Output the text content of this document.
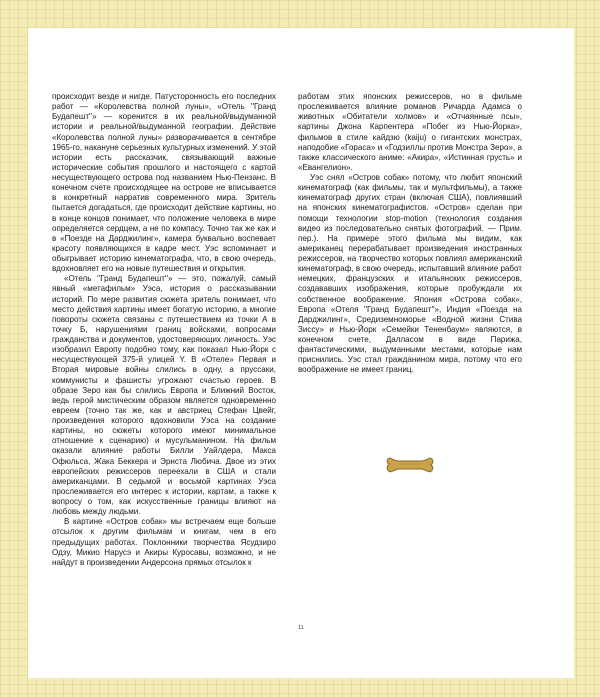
происходит везде и нигде. Патусторонность его последних работ — «Королевства полной луны», «Отель ''Гранд Будапешт''» — коренится в их реальной/выдуманной истории и реальной/выдуманной географии. Действие «Королевства полной луны» разворачивается в сентябре 1965-го, накануне серьезных культурных изменений. У этой истории есть рассказчик, связывающий важные исторические события прошлого и настоящего с картой несуществующего острова под названием Нью-Пензанс. В конечном счете происходящее на острове не вписывается в конкретный нарратив современного мира. Зритель пытается догадаться, где происходит действие картины, но в конце концов понимает, что положение человека в мире определяется сердцем, а не по компасу. Точно так же как и в «Поезде на Дарджилинг», камера буквально воспевает красоту появляющихся в кадре мест. Уэс вспоминает и обыгрывает историю кинематографа, что, в свою очередь, вдохновляет его на новые путешествия и открытия.

«Отель ''Гранд Будапешт''» — это, пожалуй, самый явный «метафильм» Уэса, история о рассказывании историй. По мере развития сюжета зритель понимает, что место действия картины имеет богатую историю, а многие повороты сюжета связаны с путешествием из точки А в точку Б, нарушениями границ войсками, вопросами гражданства и документов, удостоверяющих личность. Уэс изобразил Европу подобно тому, как показал Нью-Йорк с несуществующей 375-й улицей Y. В «Отеле» Первая и Вторая мировые войны слились в одну, а пруссаки, коммунисты и фашисты угрожают счастью героев. В образе Зеро как бы слились Европа и Ближний Восток, ведь герой мистическим образом является одновременно евреем (точно так же, как и австриец Стефан Цвейг, произведения которого вдохновили Уэса на создание картины, но сюжеты которого имеют минимальное отношение к сценарию) и мусульманином. На фильм оказали влияние работы Билли Уайлдера, Макса Офюльса, Жака Беккера и Эрнста Любича. Двое из этих европейских режиссеров переехали в США и стали американцами. В седьмой и восьмой картинах Уэса прослеживается его интерес к истории, картам, а также к вопросу о том, как искусственные границы влияют на любовь между людьми.

В картине «Остров собак» мы встречаем еще больше отсылок к другим фильмам и книгам, чем в его предыдущих работах. Поклонники творчества Ясудзиро Одзу, Микио Нарусэ и Акиры Куросавы, возможно, и не найдут в произведении Андерсона прямых отсылок к

работам этих японских режиссеров, но в фильме прослеживается влияние романов Ричарда Адамса о животных «Обитатели холмов» и «Отчаянные псы», картины Джона Карпентера «Побег из Нью-Йорка», фильмов в стиле кайдзю (kaiju) о гигантских монстрах, наподобие «Гораса» и «Годзиллы против Монстра Зеро», а также классического аниме: «Акира», «Истинная грусть» и «Евангелион».

Уэс снял «Остров собак» потому, что любит японский кинематограф (как фильмы, так и мультфильмы), а также кинематограф других стран (включая США), повлиявший на японских кинематографистов. «Остров» сделан при помощи технологии stop-motion (технология создания видео из последовательно снятых фотографий. — Прим. пер.). На примере этого фильма мы видим, как американец перерабатывает произведения иностранных режиссеров, на творчество которых повлиял американский кинематограф, в свою очередь, испытавший влияние работ немецких, французских и итальянских режиссеров, создававших изображения, которые пробуждали их собственное воображение. Япония «Острова собак», Европа «Отеля ''Гранд Будапешт''», Индия «Поезда на Дарджилинг», Средиземноморье «Водной жизни Стива Зиссу» и Нью-Йорк «Семейки Тененбаум» являются, в конечном счете, Далласом в виде Парижа, фантастическими, выдуманными местами, которые нам приснились. Уэс стал гражданином мира, потому что его воображение не имеет границ.

11
